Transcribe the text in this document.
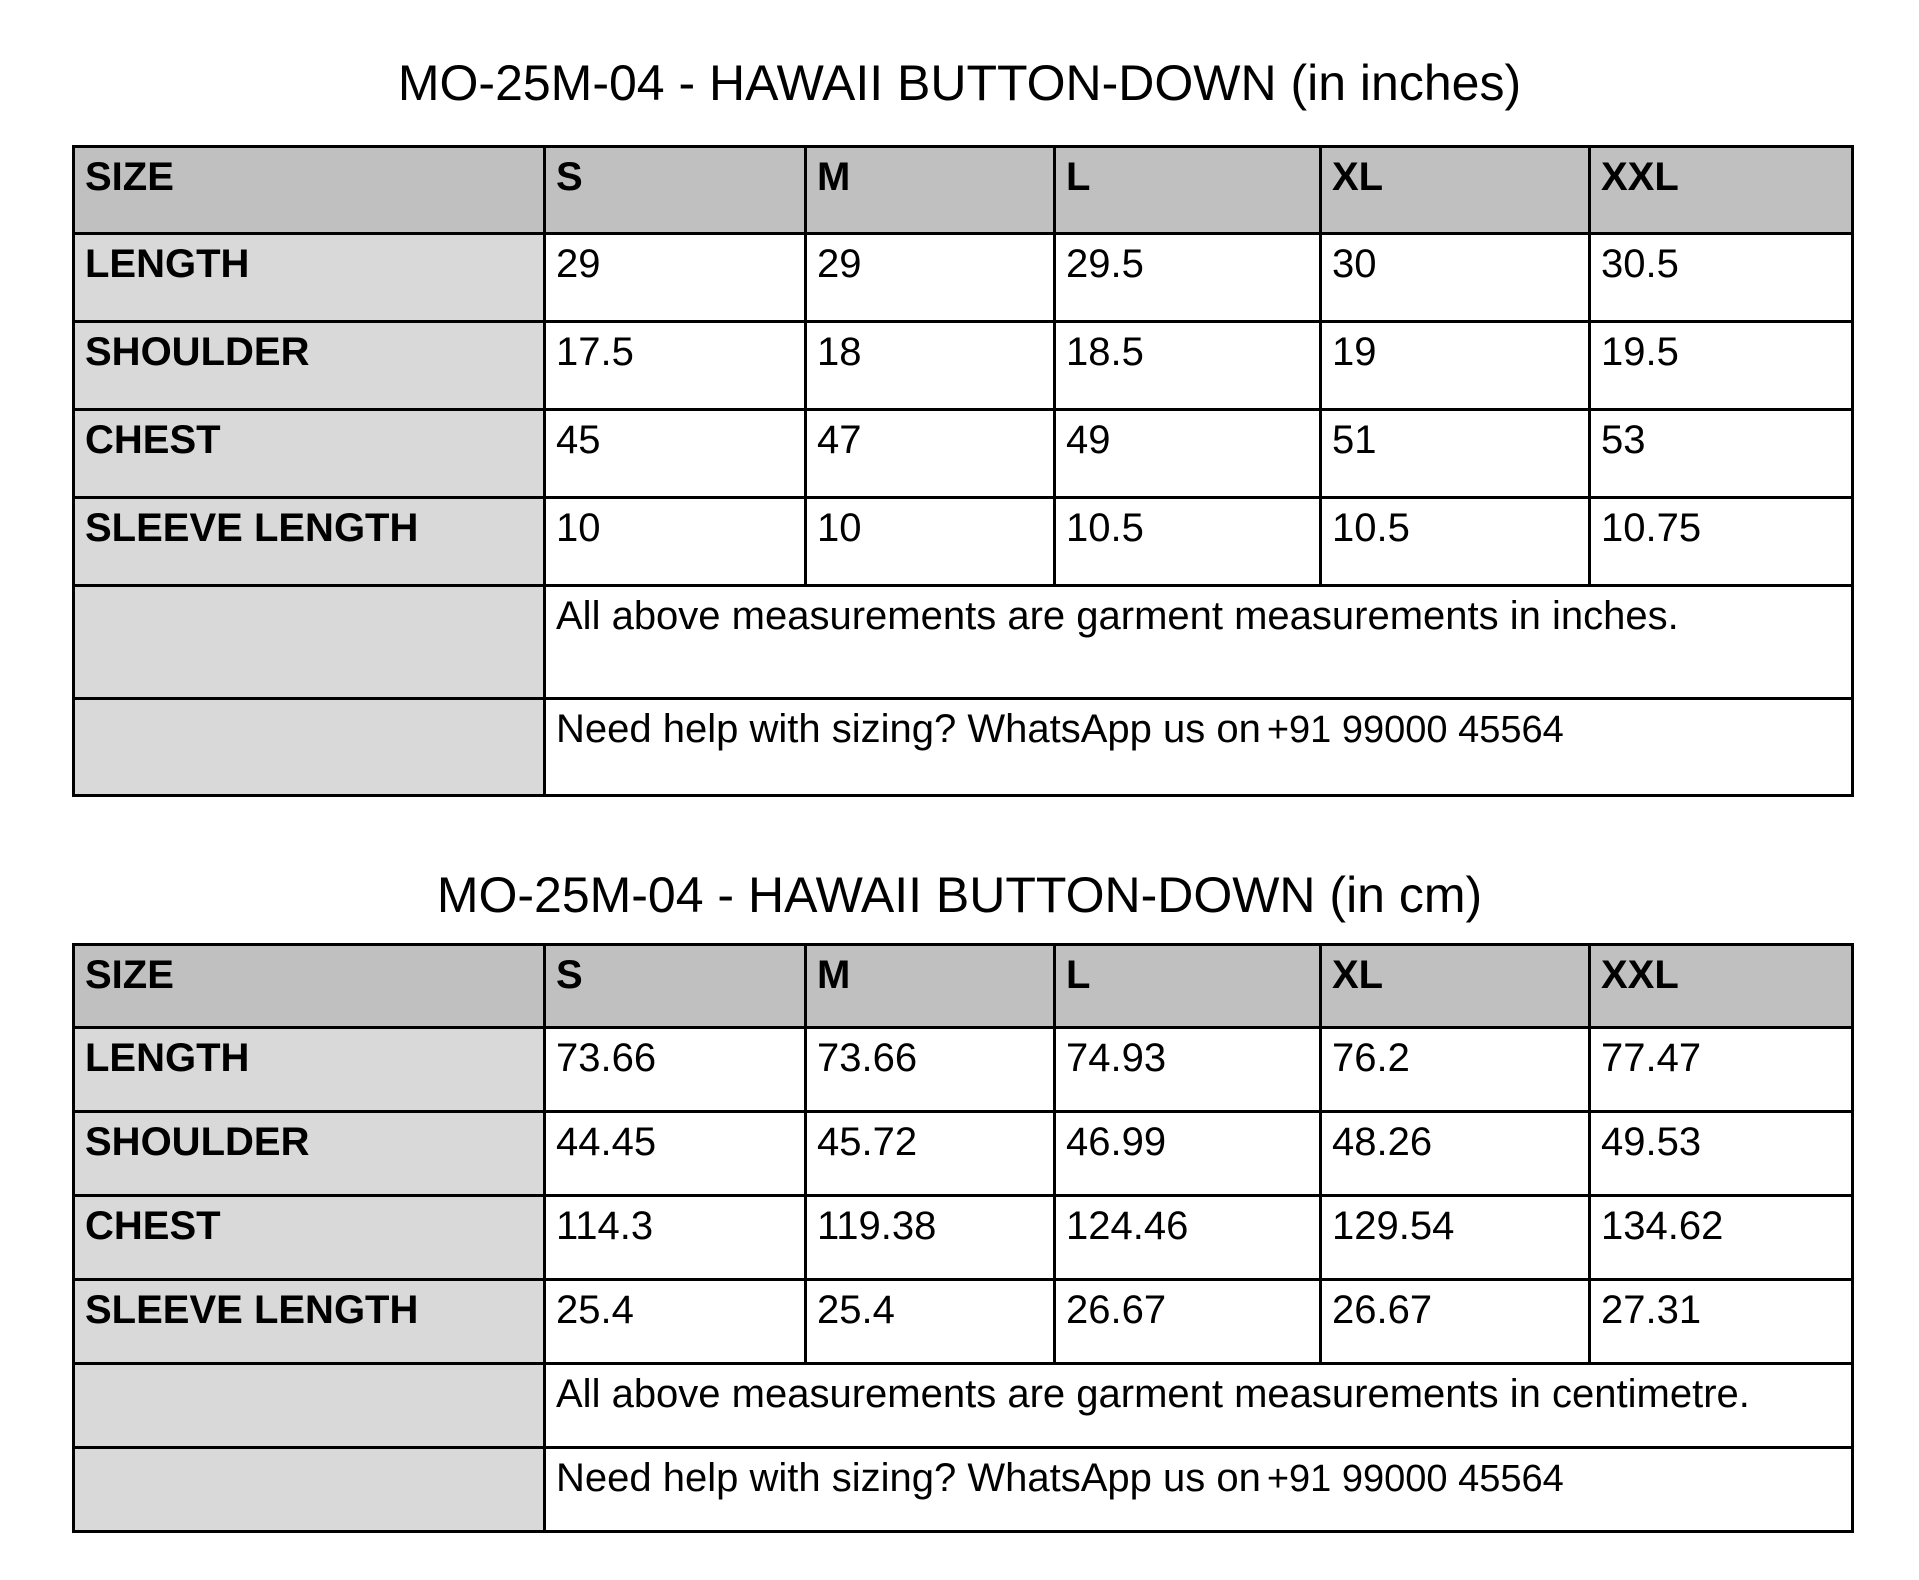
MO-25M-04 - HAWAII BUTTON-DOWN (in inches)
SIZE	S	M	L	XL	XXL
LENGTH	29	29	29.5	30	30.5
SHOULDER	17.5	18	18.5	19	19.5
CHEST	45	47	49	51	53
SLEEVE LENGTH	10	10	10.5	10.5	10.75
	All above measurements are garment measurements in inches.				
	Need help with sizing? WhatsApp us on +91 99000 45564				
MO-25M-04 - HAWAII BUTTON-DOWN (in cm)
SIZE	S	M	L	XL	XXL
LENGTH	73.66	73.66	74.93	76.2	77.47
SHOULDER	44.45	45.72	46.99	48.26	49.53
CHEST	114.3	119.38	124.46	129.54	134.62
SLEEVE LENGTH	25.4	25.4	26.67	26.67	27.31
	All above measurements are garment measurements in centimetre.				
	Need help with sizing? WhatsApp us on +91 99000 45564				
